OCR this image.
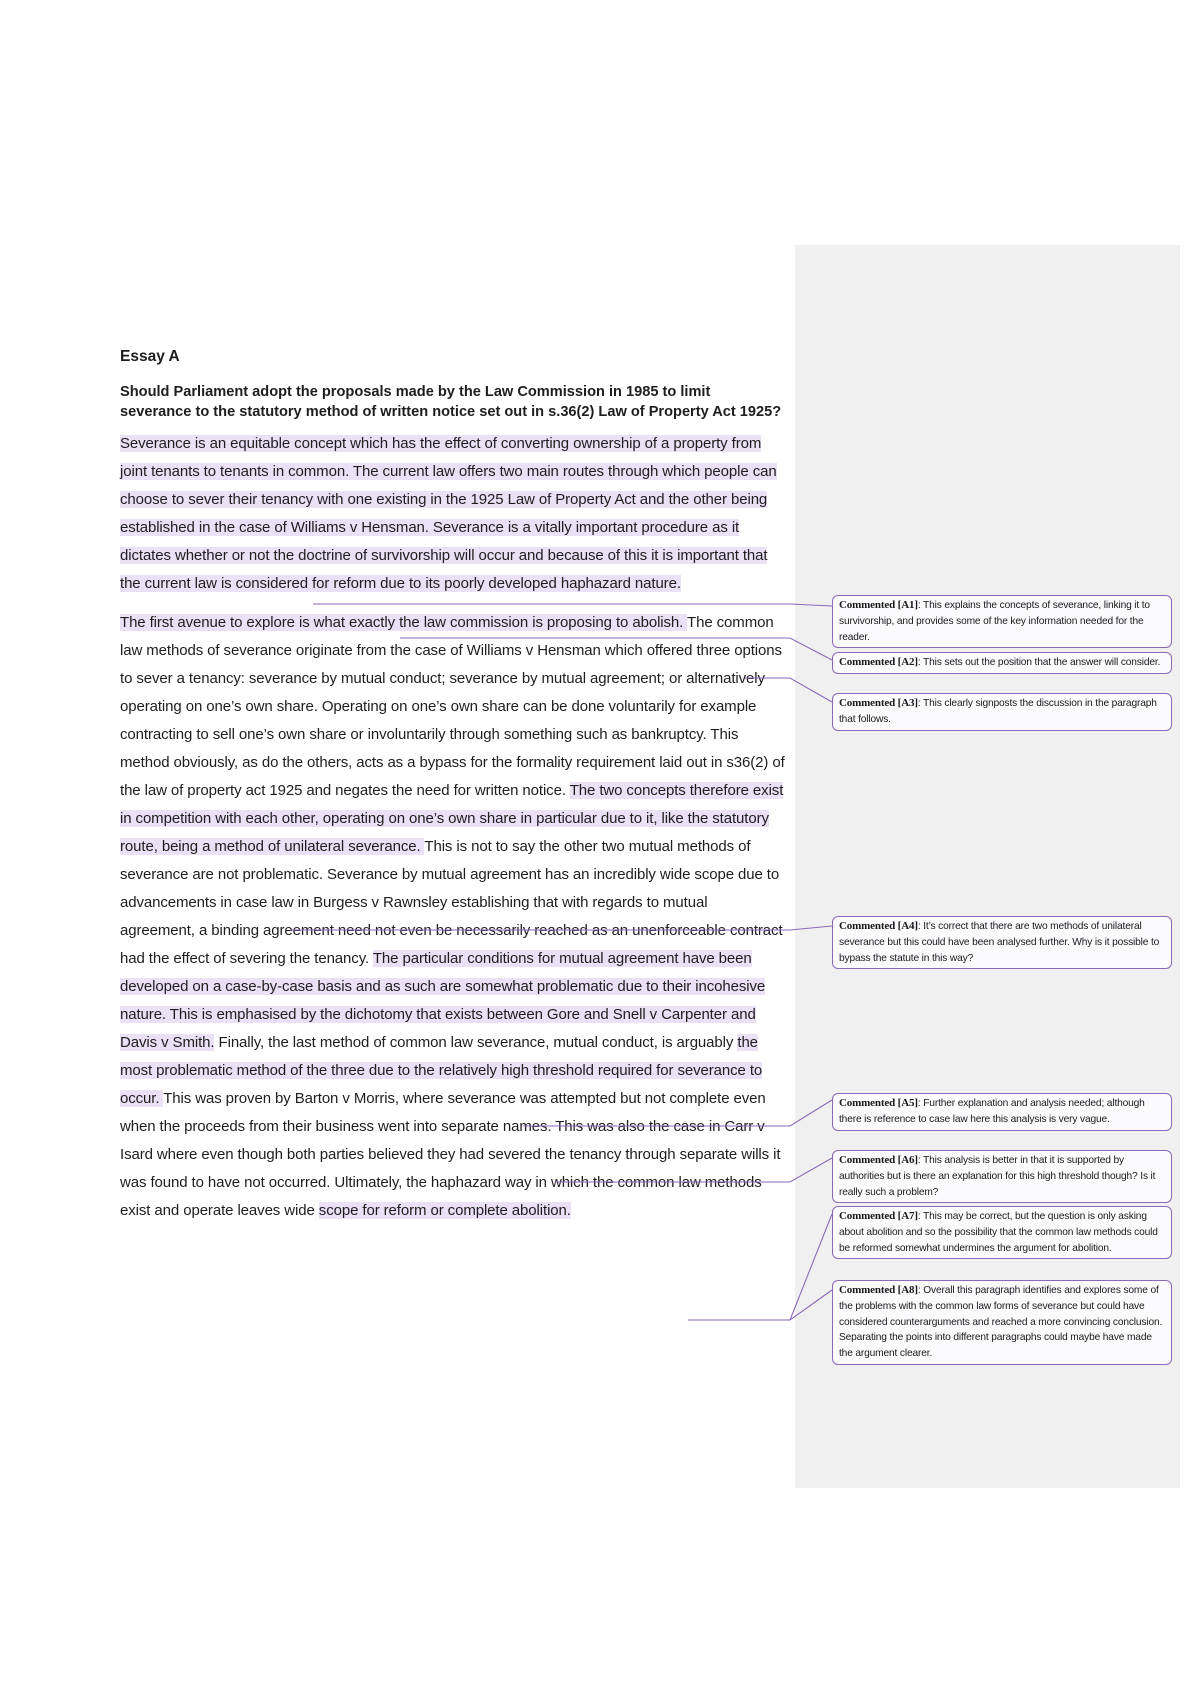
Essay A
Should Parliament adopt the proposals made by the Law Commission in 1985 to limit severance to the statutory method of written notice set out in s.36(2) Law of Property Act 1925?

Severance is an equitable concept which has the effect of converting ownership of a property from joint tenants to tenants in common. The current law offers two main routes through which people can choose to sever their tenancy with one existing in the 1925 Law of Property Act and the other being established in the case of Williams v Hensman. Severance is a vitally important procedure as it dictates whether or not the doctrine of survivorship will occur and because of this it is important that the current law is considered for reform due to its poorly developed haphazard nature.

The first avenue to explore is what exactly the law commission is proposing to abolish. The common law methods of severance originate from the case of Williams v Hensman which offered three options to sever a tenancy: severance by mutual conduct; severance by mutual agreement; or alternatively operating on one’s own share. Operating on one’s own share can be done voluntarily for example contracting to sell one’s own share or involuntarily through something such as bankruptcy. This method obviously, as do the others, acts as a bypass for the formality requirement laid out in s36(2) of the law of property act 1925 and negates the need for written notice. The two concepts therefore exist in competition with each other, operating on one’s own share in particular due to it, like the statutory route, being a method of unilateral severance. This is not to say the other two mutual methods of severance are not problematic. Severance by mutual agreement has an incredibly wide scope due to advancements in case law in Burgess v Rawnsley establishing that with regards to mutual agreement, a binding agreement need not even be necessarily reached as an unenforceable contract had the effect of severing the tenancy. The particular conditions for mutual agreement have been developed on a case-by-case basis and as such are somewhat problematic due to their incohesive nature. This is emphasised by the dichotomy that exists between Gore and Snell v Carpenter and Davis v Smith. Finally, the last method of common law severance, mutual conduct, is arguably the most problematic method of the three due to the relatively high threshold required for severance to occur. This was proven by Barton v Morris, where severance was attempted but not complete even when the proceeds from their business went into separate names. This was also the case in Carr v Isard where even though both parties believed they had severed the tenancy through separate wills it was found to have not occurred. Ultimately, the haphazard way in which the common law methods exist and operate leaves wide scope for reform or complete abolition.

Commented [A1]: This explains the concepts of severance, linking it to survivorship, and provides some of the key information needed for the reader.
Commented [A2]: This sets out the position that the answer will consider.
Commented [A3]: This clearly signposts the discussion in the paragraph that follows.
Commented [A4]: It’s correct that there are two methods of unilateral severance but this could have been analysed further. Why is it possible to bypass the statute in this way?
Commented [A5]: Further explanation and analysis needed; although there is reference to case law here this analysis is very vague.
Commented [A6]: This analysis is better in that it is supported by authorities but is there an explanation for this high threshold though? Is it really such a problem?
Commented [A7]: This may be correct, but the question is only asking about abolition and so the possibility that the common law methods could be reformed somewhat undermines the argument for abolition.
Commented [A8]: Overall this paragraph identifies and explores some of the problems with the common law forms of severance but could have considered counterarguments and reached a more convincing conclusion. Separating the points into different paragraphs could maybe have made the argument clearer.
